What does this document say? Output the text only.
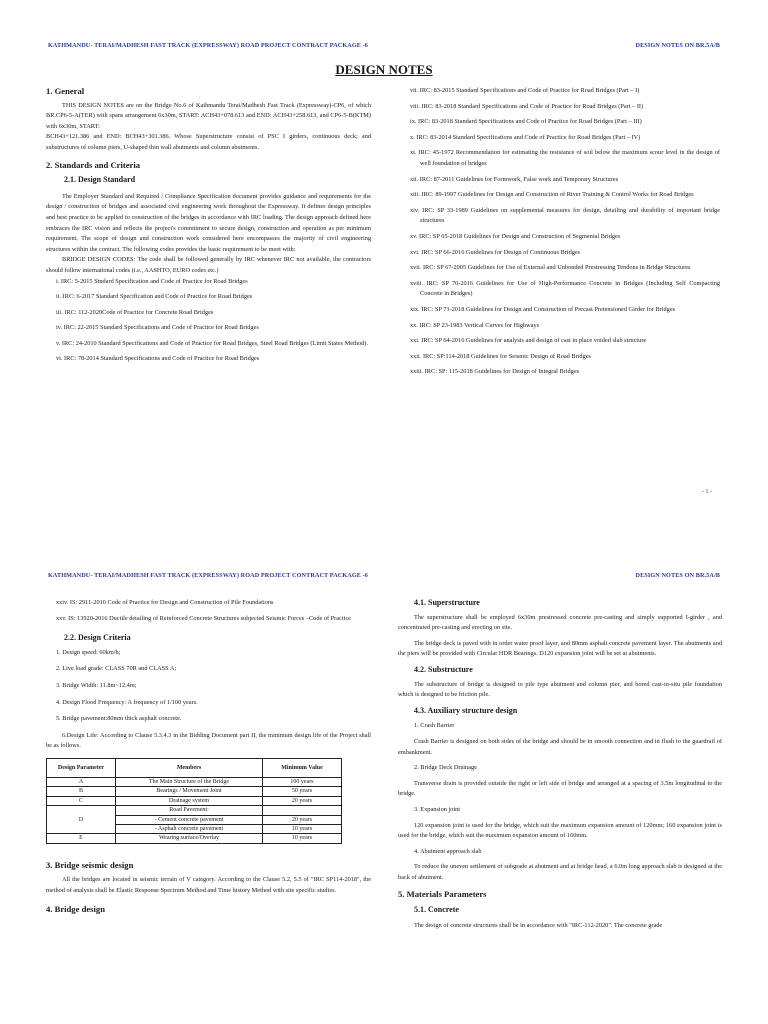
KATHMANDU- TERAI/MADHESH FAST TRACK (EXPRESSWAY) ROAD PROJECT CONTRACT PACKAGE -6	DESIGN NOTES ON BR.5A/B
DESIGN NOTES

1. General

THIS DESIGN NOTES are on the Bridge No.6 of Kathmandu Terai/Madhesh Fast Track (Expressway)-CP6, of which BR.CP6-5-A(TER) with spans arrangement 6x30m, START: ACH43+078.613 and END: ACH43+258.613, and CP6-5-B(KTM) with 6x30m, START:

BCH43+121.386 and END: BCH43+301.386. Whose Superstructure consist of PSC I girders, continuous deck; and substructures of column piers, U-shaped thin wall abutments and column abutments.

2. Standards and Criteria

2.1. Design Standard

The Employer Standard and Required / Compliance Specification document provides guidance and requirements for the design / construction of bridges and associated civil engineering work throughout the Expressway. It defines design principles and best practice to be applied to construction of the bridges in accordance with IRC loading. The design approach defined here embraces the IRC vision and reflects the project's commitment to secure design, construction and operation as per minimum requirement. The scope of design and construction work considered here encompasses the majority of civil engineering structures within the contract. The following codes provides the basic requirement to be meet with:

BRIDGE DESIGN CODES: The code shall be followed generally by IRC whenever IRC not available, the contractors should follow international codes (i.e., AASHTO, EURO codes etc.)

i. IRC: 5-2015 Stndard Specification and Code of Practice for Road Bridges

ii. IRC: 6-2017 Standard Specification and Code of Practice for Road Bridges

iii. IRC: 112-2020Code of Practice for Concrete Road Bridges

iv. IRC: 22-2015 Standard Specifications and Code of Practice for Road Bridges

v. IRC: 24-2010 Standard Specifications and Code of Practice for Road Bridges, Steel Road Bridges (Limit States Method).

vi. IRC: 78-2014 Standard Specifications and Code of Practice for Road Bridges

vii. IRC: 83-2015 Standard Specifications and Code of Practice for Road Bridges (Part – I)

viii. IRC: 83-2018 Standard Specifications and Code of Practice for Road Bridges (Part – II)

ix. IRC: 83-2018 Standard Specifications and Code of Practice for Road Bridges (Part – III)

x. IRC: 83-2014 Standard Specifications and Code of Practice for Road Bridges (Part – IV)

xi. IRC: 45-1972 Recommendation for estimating the resistance of soil below the maximum scour level in the design of well foundation of bridges

xii. IRC: 87-2011 Guidelines for Formwork, False work and Temporary Structures

xiii. IRC: 89-1997 Guidelines for Design and Construction of River Training & Control Works for Road Bridges

xiv. IRC: SP 33-1989 Guidelines on supplemental measures for design, detailing and durability of important bridge structures

xv. IRC: SP 65-2018 Guidelines for Design and Construction of Segmental Bridges

xvi. IRC: SP 66-2016 Guidelines for Design of Continuous Bridges

xvii. IRC: SP 67-2005 Guidelines for Use of External and Unbonded Prestressing Tendons in Bridge Structures

xviii. IRC: SP 70-2016 Guidelines for Use of High-Performance Concrete in Bridges (Including Self Compacting Concrete in Bridges)

xix. IRC: SP 71-2018 Guidelines for Design and Construction of Precast Pretensioned Girder for Bridges

xx. IRC: SP 23-1983 Vertical Curves for Highways

xxi. IRC: SP 64-2016 Guidelines for analysis and design of cast in place voided slab structure

xxii. IRC: SP:114-2018 Guidelines for Seismic Design of Road Bridges

xxiii. IRC: SP: 115-2018 Guidelines for Design of Integral Bridges

- 1 -
KATHMANDU- TERAI/MADHESH FAST TRACK (EXPRESSWAY) ROAD PROJECT CONTRACT PACKAGE -6	DESIGN NOTES ON BR.5A/B

xxiv. IS: 2911-2010 Code of Practice for Design and Construction of Pile Foundations

xxv. IS: 13920-2016 Ductile detailing of Reinforced Concrete Structures subjected Seismic Forces –Code of Practice

2.2. Design Criteria

1. Design speed: 60km/h;

2. Live load grade: CLASS 70R and CLASS A;

3. Bridge Width: 11.8m~12.4m;

4. Design Flood Frequency: A frequency of 1/100 years.

5. Bridge pavement:80mm thick asphalt concrete.

6.Design Life: According to Clause 5.3.4.3 in the Bidding Document part II, the minimum design life of the Project shall be as follows.

Design Parameter	Members	Minimum Value
A	The Main Structure of the Bridge	100 years
B	Bearings / Movement Joint	50 years
C	Drainage system	20 years
D	Road Pavement:	
	- Cement concrete pavement	20 years
	- Asphalt concrete pavement	10 years
E	Wearing surface/Overlay	10 years

3. Bridge seismic design

All the bridges are located in seismic terrain of V category. According to the Clause 5.2, 5.5 of "IRC SP114-2018", the method of analysis shall be Elastic Response Spectrum Method and Time history Method with site specific studies.

4. Bridge design

4.1. Superstructure

The superstructure shall be employed 6x30m prestressed concrete pre-casting and simply supported I-girder , and concentrated pre-casting and erecting on site.

The bridge deck is paved with in order water proof layer, and 80mm asphalt concrete pavement layer. The abutments and the piers will be provided with Circular HDR Bearings. D120 expansion joint will be set at abutments.

4.2. Substructure

The substructure of bridge is designed to pile type abutment and column pier, and bored cast-in-situ pile foundation which is designed to be friction pile.

4.3. Auxiliary structure design

1. Crash Barrier

Crash Barrier is designed on both sides of the bridge and should be in smooth connection and in flush to the guardrail of embankment.

2. Bridge Deck Drainage

Transverse drain is provided outside the right or left side of bridge and arranged at a spacing of 3.5m longitudinal to the bridge.

3. Expansion joint

120 expansion joint is used for the bridge, which suit the maximum expansion amount of 120mm; 160 expansion joint is used for the bridge, which suit the maximum expansion amount of 160mm.

4. Abutment approach slab

To reduce the uneven settlement of subgrade at abutment and at bridge head, a 6.0m long approach slab is designed at the back of abutment.

5. Materials Parameters

5.1. Concrete

The design of concrete structures shall be in accordance with "IRC-112-2020". The concrete grade
